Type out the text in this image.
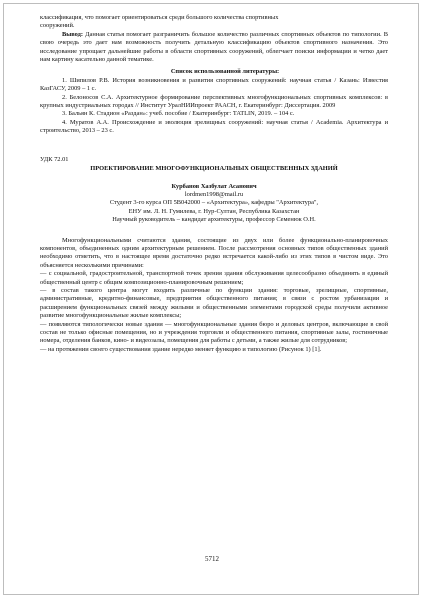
классификация, что помогает ориентироваться среди большого количества спортивных
сооружений.

Вывод: Данная статья помогает разграничить большое количество различных спортивных объектов по типологии. В свою очередь это дает нам возможность получить детальную классификацию объектов спортивного назначения. Это исследование упрощает дальнейшие работы в области спортивных сооружений, облегчает поиски информации и четко дает нам картину касательно данной тематике.

Список использованной литературы:

1. Шипилов Р.В. История возникновения и развития спортивных сооружений: научная статья / Казань: Известия КазГАСУ, 2009 – 1 с.

2. Белоносов С.А. Архитектурное формирование перспективных многофункциональных спортивных комплексов: в крупных индустриальных городах // Институт УралНИИпроект РААСН, г. Екатеринбург: Диссертация. 2009

3. Бальян К. Стадион «Раздан»: учеб. пособие / Екатеринбург: TATLIN, 2019. – 104 с.

4. Муратов А.А. Происхождение и эволюция зрелищных сооружений: научная статья / Academia. Архитектура и строительство, 2013 – 23 с.

УДК 72.01

ПРОЕКТИРОВАНИЕ МНОГОФУНКЦИОНАЛЬНЫХ ОБЩЕСТВЕННЫХ ЗДАНИЙ

Курбанов Хазбулат Асанович

lordmen1998@mail.ru

Студент 3-го курса ОП 5В042000 – «Архитектура», кафедры "Архитектура",

ЕНУ им. Л. Н. Гумилева, г. Нур-Султан, Республика Казахстан

Научный руководитель – кандидат архитектуры, профессор Семенюк О.Н.

Многофункциональными считаются здания, состоящие из двух или более функционально-планировочных компонентов, объединенных одним архитектурным решением. После рассмотрения основных типов общественных зданий необходимо отметить, что в настоящее время достаточно редко встречается какой-либо из этих типов в чистом виде. Это объясняется несколькими причинами:

— с социальной, градостроительной, транспортной точек зрения здания обслуживания целесообразно объединять в единый общественный центр с общим композиционно-планировочным решением;

— в состав такого центра могут входить различные по функции здания: торговые, зрелищные, спортивные, административные, кредитно-финансовые, предприятия общественного питания; в связи с ростом урбанизации и расширением функциональных связей между жилыми и общественными элементами городской среды получили активное развитие многофункциональные жилые комплексы;

— появляются типологически новые здания — многофункциональные здания бюро и деловых центров, включающие в свой состав не только офисные помещения, но и учреждения торговли и общественного питания, спортивные залы, гостиничные номера, отделения банков, кино- и видеозалы, помещения для работы с детьми, а также жилые для сотрудников;

— на протяжении своего существования здание нередко меняет функцию и типологию (Рисунок 1) [1].

5712
